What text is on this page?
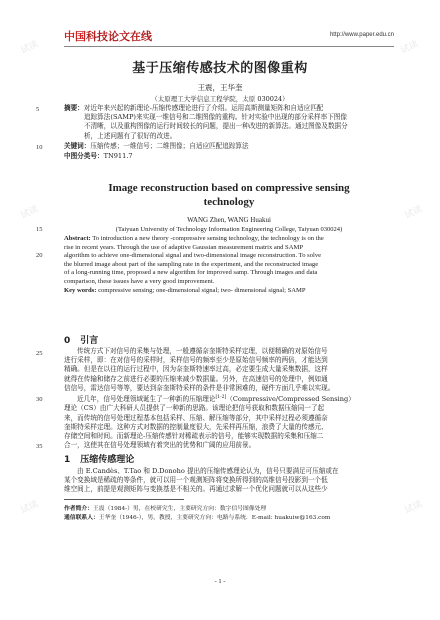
试读	试读
试读	试读
试读	试读
中国科技论文在线	http://www.paper.edu.cn
基于压缩传感技术的图像重构
王震，王华奎
（太原理工大学信息工程学院，太原 030024）
5	摘要：对近年来兴起的新理论-压缩传感理论进行了介绍。运用高斯测量矩阵和自适应匹配
追踪算法(SAMP)来实现一维信号和二维图像的重构。针对实验中出现的部分采样率下图像
不清晰，以及重构图像的运行时间较长的问题，提出一种改进的新算法。通过图像及数据分
析，上述问题有了很好的改进。
10	关键词：压缩传感；一维信号；二维图像；自适应匹配追踪算法
中图分类号：TN911.7
Image reconstruction based on compressive sensing
technology
WANG Zhen, WANG Huakui
15	(Taiyuan University of Technology Information Engineering College, Taiyuan 030024)
Abstract: To introduction a new theory -compressive sensing technology, the technology is on the
rise in recent years. Through the use of adaptive Gaussian measurement matrix and SAMP
algorithm to achieve one-dimensional signal and two-dimensional image reconstruction. To solve
the blurred image about part of the sampling rate in the experiment, and the reconstructed image
of a long-running time, proposed a new algorithm for improved samp. Through images and data
comparison, these issues have a very good improvement.
Key words: compressive sensing; one-dimensional signal; two- dimensional signal; SAMP
20
0 引言
25	传统方式下对信号的采集与处理，一般遵循奈奎斯特采样定理，以便精确的对原始信号
进行采样，即：在对信号的采样时，采样信号的频率至少是原始信号频率的两倍，才能达到
精确。但是在以往的运行过程中，因为奈奎斯特速率过高，必定要生成大量采集数据，这样
就得在传输和储存之前进行必要的压缩来减少数据量。另外，在高速信号的处理中，例如通
信信号，雷达信号等等，要达到奈奎斯特采样的条件是非常困难的，硬件方面几乎难以实现。
30	近几年，信号处理领域诞生了一种新的压缩理论[1-2]（Compressive/Compressed Sensing）
理论（CS）由广大科研人员提供了一种新的思路。该理论把信号获取和数据压缩同一了起
来，而传统的信号处理过程基本包括采样、压缩、解压缩等部分，其中采样过程必须遵循奈
奎斯特采样定理。这种方式对数据的控制量度很大，先采样再压缩，浪费了大量的传感元、
存储空间和时间。而新理论-压缩传感针对稀疏表示的信号，能够实现数据的采集和压缩二
合一，这使其在信号处理领域有着突出的优势和广阔的应用前景。
35
1 压缩传感理论
由 E.Candès、T.Tao 和 D.Donoho 提出的压缩传感理论认为，信号只要满足可压缩或在
某个变换域是稀疏的等条件，就可以用一个观测矩阵将变换所得到的高维信号投影到一个低
维空间上，前提是观测矩阵与变换基是不相关的。再通过求解一个优化问题就可以从这些少
作者简介：王震（1984-）男，在校研究生，主要研究方向：数字信号图像处理
通信联系人：王华奎（1946-），男，教授，主要研究方向：电路与系统．E-mail: huakuiw@163.com
- 1 -
